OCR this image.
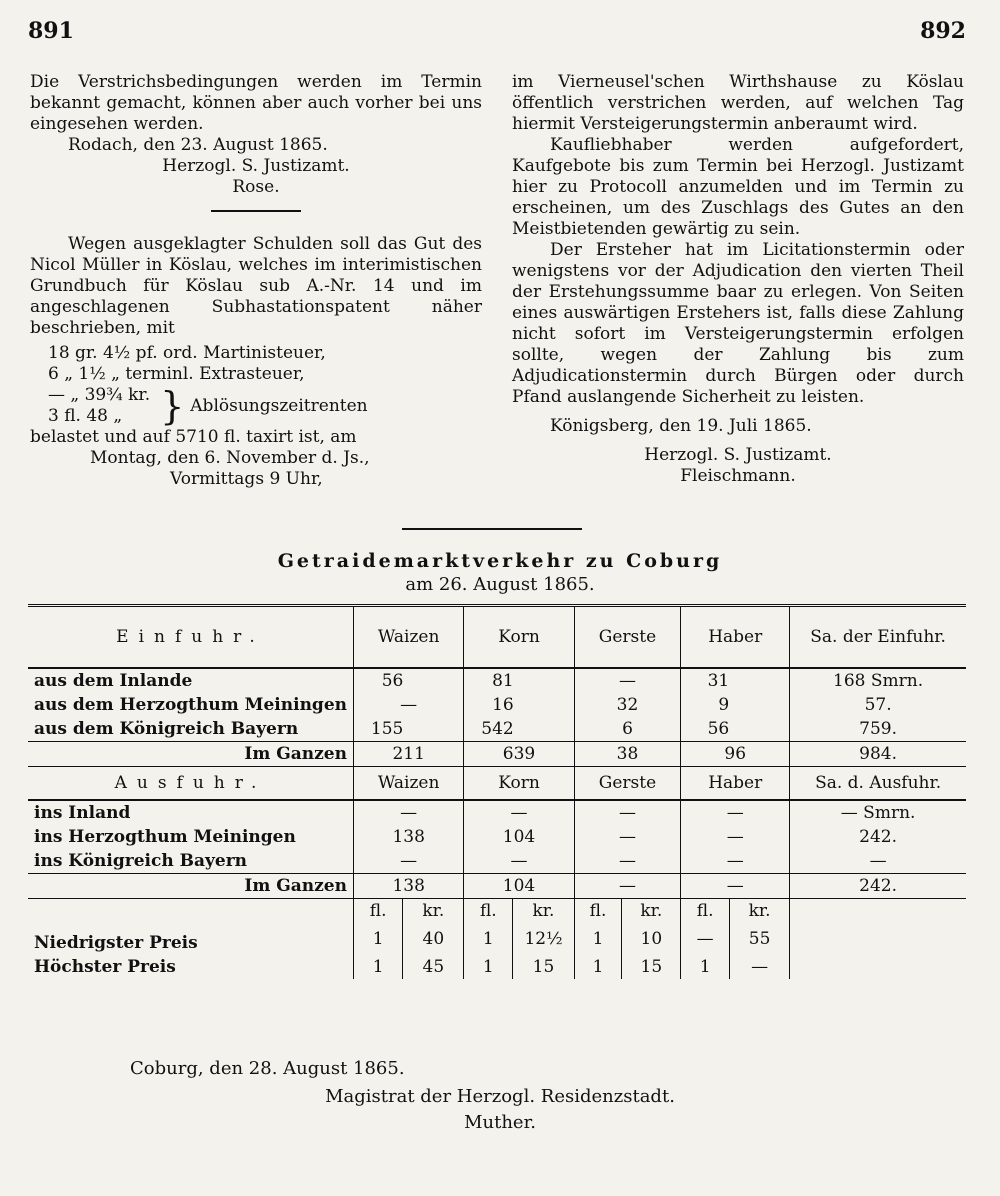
891	892

Die Verstrichsbedingungen werden im Termin bekannt gemacht, können aber auch vorher bei uns eingesehen werden.

Rodach, den 23. August 1865.

Herzogl. S. Justizamt.

Rose.

Wegen ausgeklagter Schulden soll das Gut des Nicol Müller in Köslau, welches im interimistischen Grundbuch für Köslau sub A.-Nr. 14 und im angeschlagenen Subhastationspatent näher beschrieben, mit

18 gr. 4½ pf. ord. Martinisteuer,
6 „ 1½ „ terminl. Extrasteuer,
— „ 39¾ kr.
3 fl. 48 „ } Ablösungszeitrenten

belastet und auf 5710 fl. taxirt ist, am

Montag, den 6. November d. Js.,

Vormittags 9 Uhr,

im Vierneusel'schen Wirthshause zu Köslau öffentlich verstrichen werden, auf welchen Tag hiermit Versteigerungstermin anberaumt wird.

Kaufliebhaber werden aufgefordert, Kaufgebote bis zum Termin bei Herzogl. Justizamt hier zu Protocoll anzumelden und im Termin zu erscheinen, um des Zuschlags des Gutes an den Meistbietenden gewärtig zu sein.

Der Ersteher hat im Licitationstermin oder wenigstens vor der Adjudication den vierten Theil der Erstehungssumme baar zu erlegen. Von Seiten eines auswärtigen Erstehers ist, falls diese Zahlung nicht sofort im Versteigerungstermin erfolgen sollte, wegen der Zahlung bis zum Adjudicationstermin durch Bürgen oder durch Pfand auslangende Sicherheit zu leisten.

Königsberg, den 19. Juli 1865.

Herzogl. S. Justizamt.

Fleischmann.

Getraidemarktverkehr zu Coburg
am 26. August 1865.
Einfuhr.	Waizen		Korn		Gerste		Haber		Sa. der Einfuhr.
aus dem Inlande	56		81		—		31		168 Smrn.
aus dem Herzogthum Meiningen	—		16		32		9		57.
aus dem Königreich Bayern	155		542		6		56		759.
Im Ganzen	211		639		38		96		984.
Ausfuhr.	Waizen		Korn		Gerste		Haber		Sa. d. Ausfuhr.
ins Inland	—		—		—		—		— Smrn.
ins Herzogthum Meiningen	138		104		—		—		242.
ins Königreich Bayern	—		—		—		—		—
Im Ganzen	138		104		—		—		242.
	fl.	kr.	fl.	kr.	fl.	kr.	fl.	kr.	
Niedrigster Preis	1	40	1	12½	1	10	—	55	
Höchster Preis	1	45	1	15	1	15	1	—	
Coburg, den 28. August 1865.
Magistrat der Herzogl. Residenzstadt.
Muther.
